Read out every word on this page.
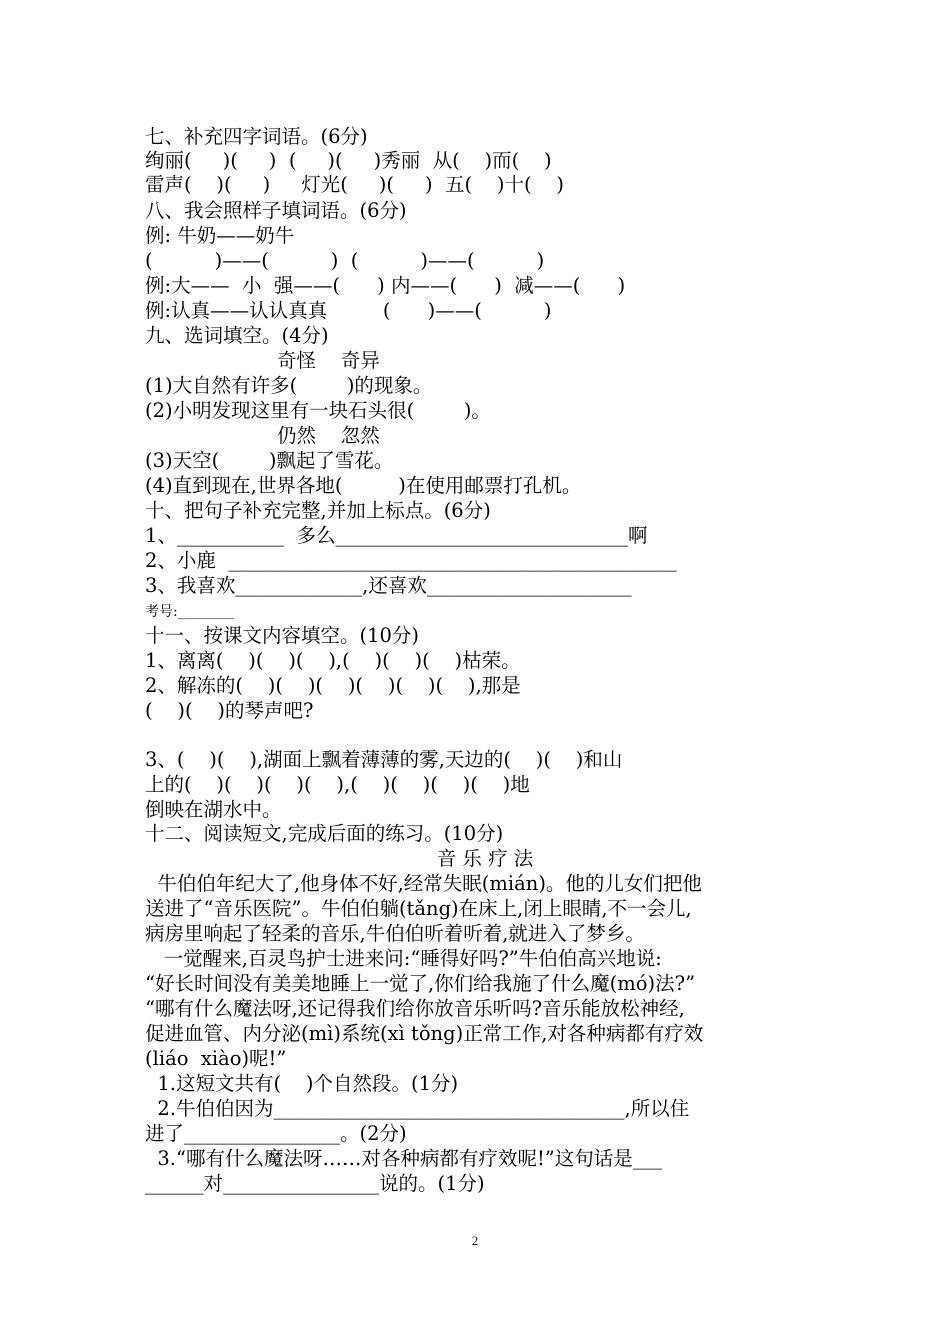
七、补充四字词语。(6分)
绚丽(     )(     )  (     )(     )秀丽  从(    )而(    )
雷声(    )(     )     灯光(     )(     )  五(    )十(    )
八、我会照样子填词语。(6分)
例: 牛奶——奶牛
(          )——(          )  (          )——(          )
例:大——  小  强——(      ) 内——(      )  减——(      )
例:认真——认认真真         (      )——(          )
九、选词填空。(4分)
奇怪    奇异
(1)大自然有许多(        )的现象。
(2)小明发现这里有一块石头很(        )。
仍然    忽然
(3)天空(        )飘起了雪花。
(4)直到现在,世界各地(         )在使用邮票打孔机。
十、把句子补充完整,并加上标点。(6分)
1、___________  多么______________________________啊
2、小鹿  ______________________________________________
3、我喜欢_____________,还喜欢_____________________
考号:________
十一、按课文内容填空。(10分)
1、离离(    )(    )(    ),(    )(    )(    )枯荣。
2、解冻的(    )(    )(    )(    )(    )(    ),那是
(    )(    )的琴声吧?
3、(    )(    ),湖面上飘着薄薄的雾,天边的(    )(    )和山
上的(    )(    )(    )(    ),(    )(    )(    )(    )地
倒映在湖水中。
十二、阅读短文,完成后面的练习。(10分)
音 乐 疗 法
牛伯伯年纪大了,他身体不好,经常失眠(mián)。他的儿女们把他
送进了“音乐医院”。牛伯伯躺(tǎng)在床上,闭上眼睛,不一会儿,
病房里响起了轻柔的音乐,牛伯伯听着听着,就进入了梦乡。
一觉醒来,百灵鸟护士进来问:“睡得好吗?”牛伯伯高兴地说:
“好长时间没有美美地睡上一觉了,你们给我施了什么魔(mó)法?”
“哪有什么魔法呀,还记得我们给你放音乐听吗?音乐能放松神经,
促进血管、内分泌(mì)系统(xì tǒng)正常工作,对各种病都有疗效
(liáo  xiào)呢!”
1.这短文共有(    )个自然段。(1分)
2.牛伯伯因为____________________________________,所以住
进了________________。(2分)
3.“哪有什么魔法呀……对各种病都有疗效呢!”这句话是___
______对________________说的。(1分)
2
